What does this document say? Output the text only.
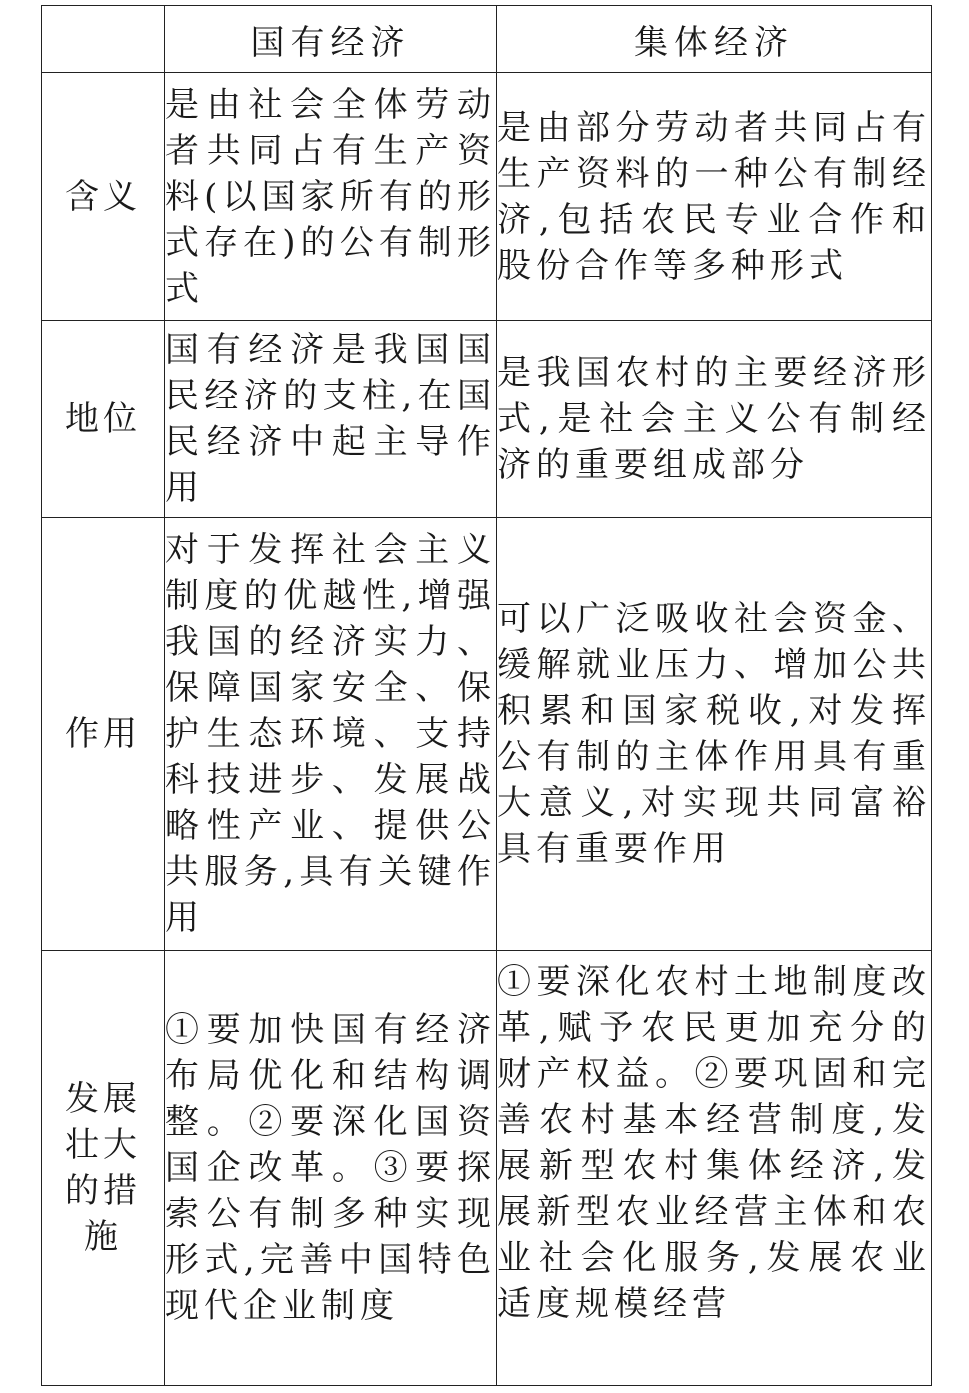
	国有经济	集体经济
含义	是由社会全体劳动者共同占有生产资料(以国家所有的形式存在)的公有制形式	是由部分劳动者共同占有生产资料的一种公有制经济,包括农民专业合作和股份合作等多种形式
地位	国有经济是我国国民经济的支柱,在国民经济中起主导作用	是我国农村的主要经济形式,是社会主义公有制经济的重要组成部分
作用	对于发挥社会主义制度的优越性,增强我国的经济实力、保障国家安全、保护生态环境、支持科技进步、发展战略性产业、提供公共服务,具有关键作用	可以广泛吸收社会资金、缓解就业压力、增加公共积累和国家税收,对发挥公有制的主体作用具有重大意义,对实现共同富裕具有重要作用
发展壮大的措施	①要加快国有经济布局优化和结构调整。②要深化国资国企改革。③要探索公有制多种实现形式,完善中国特色现代企业制度	①要深化农村土地制度改革,赋予农民更加充分的财产权益。②要巩固和完善农村基本经营制度,发展新型农村集体经济,发展新型农业经营主体和农业社会化服务,发展农业适度规模经营
